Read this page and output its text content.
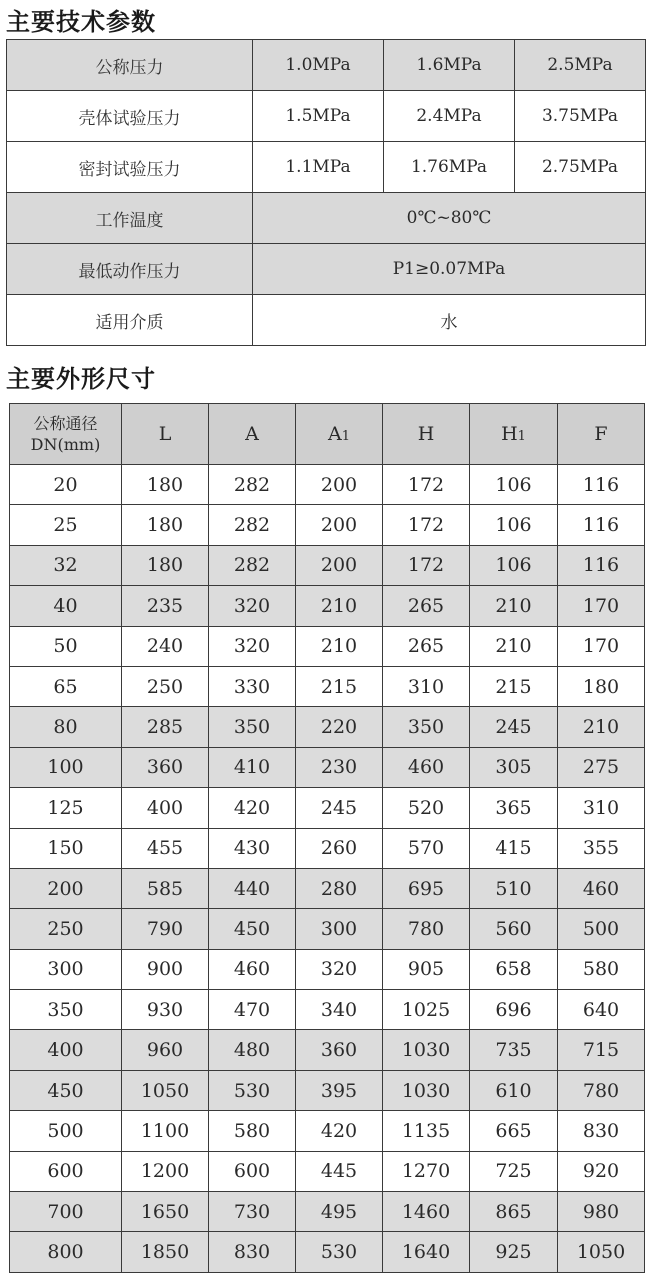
主要技术参数
公称压力	1.0MPa	1.6MPa	2.5MPa
壳体试验压力	1.5MPa	2.4MPa	3.75MPa
密封试验压力	1.1MPa	1.76MPa	2.75MPa
工作温度	0℃~80℃		
最低动作压力	P1≥0.07MPa		
适用介质	水		
主要外形尺寸
公称通径
DN(mm)	L	A	A1	H	H1	F
20	180	282	200	172	106	116
25	180	282	200	172	106	116
32	180	282	200	172	106	116
40	235	320	210	265	210	170
50	240	320	210	265	210	170
65	250	330	215	310	215	180
80	285	350	220	350	245	210
100	360	410	230	460	305	275
125	400	420	245	520	365	310
150	455	430	260	570	415	355
200	585	440	280	695	510	460
250	790	450	300	780	560	500
300	900	460	320	905	658	580
350	930	470	340	1025	696	640
400	960	480	360	1030	735	715
450	1050	530	395	1030	610	780
500	1100	580	420	1135	665	830
600	1200	600	445	1270	725	920
700	1650	730	495	1460	865	980
800	1850	830	530	1640	925	1050
